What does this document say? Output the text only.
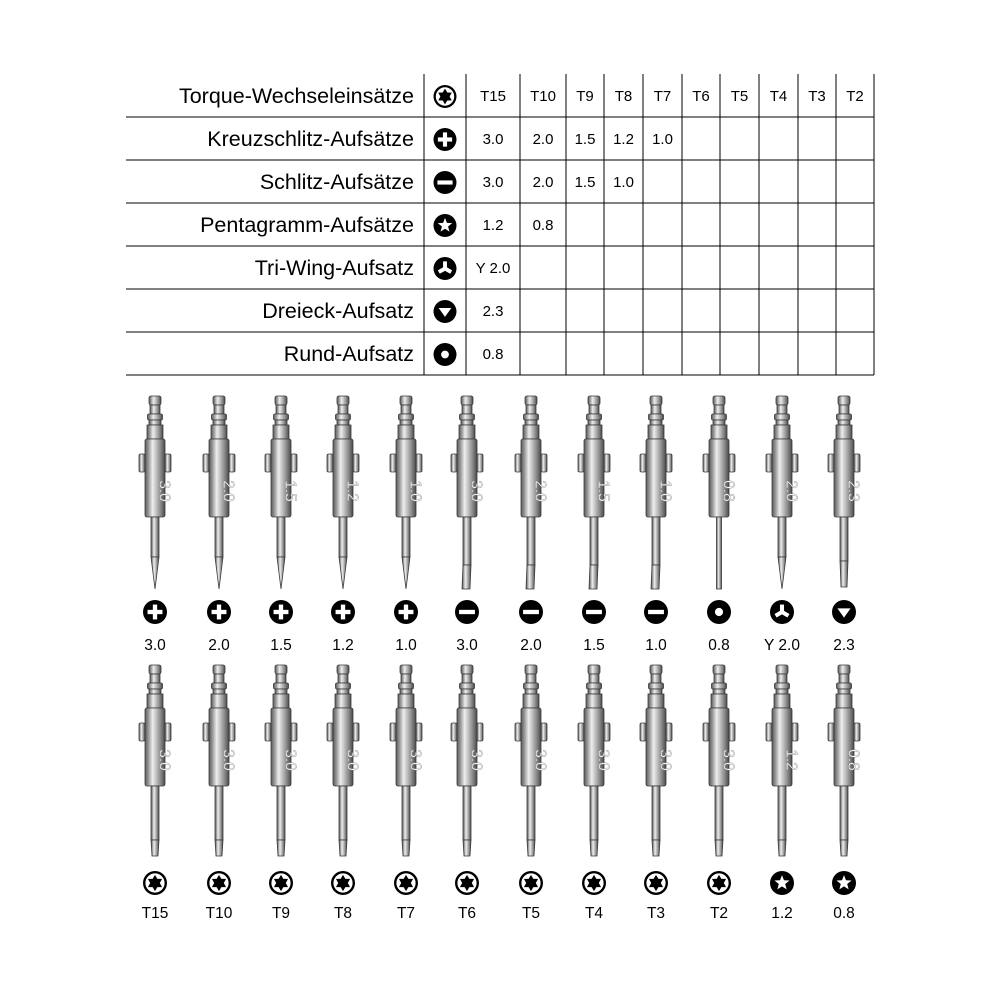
Torque-Wechseleinsätze	T15 T10 T9 T8 T7 T6 T5 T4 T3 T2
Kreuzschlitz-Aufsätze	3.0 2.0 1.5 1.2 1.0
Schlitz-Aufsätze	3.0 2.0 1.5 1.0
Pentagramm-Aufsätze	1.2 0.8
Tri-Wing-Aufsatz	Y 2.0
Dreieck-Aufsatz	2.3
Rund-Aufsatz	0.8
3.0
3.0
2.0
2.0
1.5
1.5
1.2
1.2
1.0
1.0
3.0
3.0
2.0
2.0
1.5
1.5
1.0
1.0
0.8
0.8
2.0
Y 2.0
2.3
2.3
3.0
T15
3.0
T10
3.0
T9
3.0
T8
3.0
T7
3.0
T6
3.0
T5
3.0
T4
3.0
T3
3.0
T2
1.2
1.2
0.8
0.8
